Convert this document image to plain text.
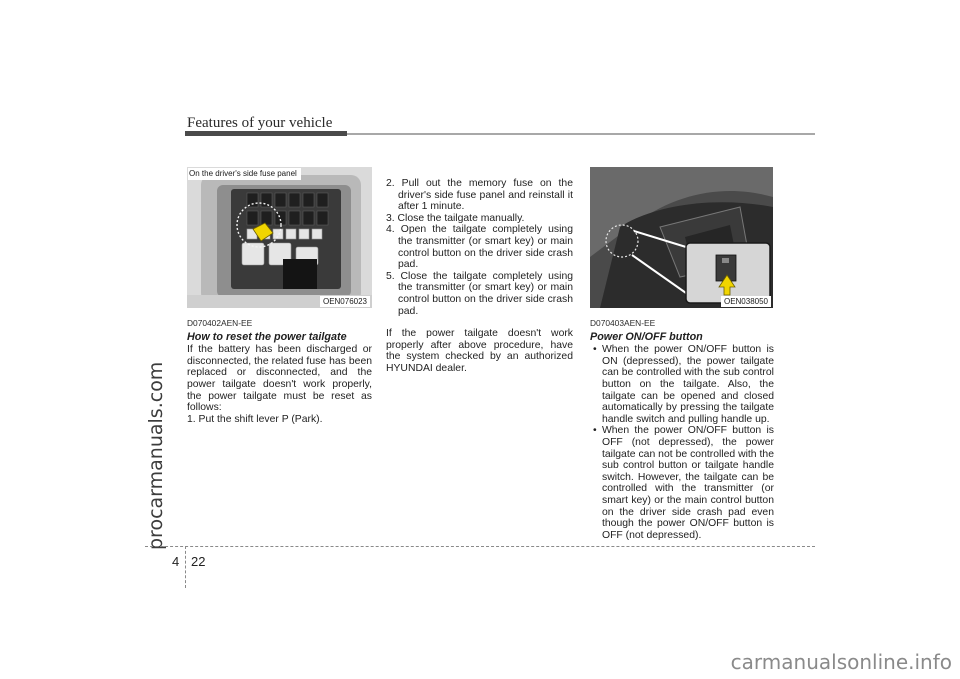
Features of your vehicle
procarmanuals.com
carmanualsonline.info
On the driver's side fuse panel
OEN076023	OEN038050

D070402AEN-EE

How to reset the power tailgate

If the battery has been discharged or disconnected, the related fuse has been replaced or disconnected, and the power tailgate doesn't work properly, the power tailgate must be reset as follows:

1. Put the shift lever P (Park).

2. Pull out the memory fuse on the driver's side fuse panel and reinstall it after 1 minute.

3. Close the tailgate manually.

4. Open the tailgate completely using the transmitter (or smart key) or main control button on the driver side crash pad.

5. Close the tailgate completely using the transmitter (or smart key) or main control button on the driver side crash pad.

If the power tailgate doesn't work properly after above procedure, have the system checked by an authorized HYUNDAI dealer.

D070403AEN-EE

Power ON/OFF button

• When the power ON/OFF button is ON (depressed), the power tailgate can be controlled with the sub control button on the tailgate. Also, the tailgate can be opened and closed automatically by pressing the tailgate handle switch and pulling handle up.

• When the power ON/OFF button is OFF (not depressed), the power tailgate can not be controlled with the sub control button or tailgate handle switch. However, the tailgate can be controlled with the transmitter (or smart key) or the main control button on the driver side crash pad even though the power ON/OFF button is OFF (not depressed).

4 22
